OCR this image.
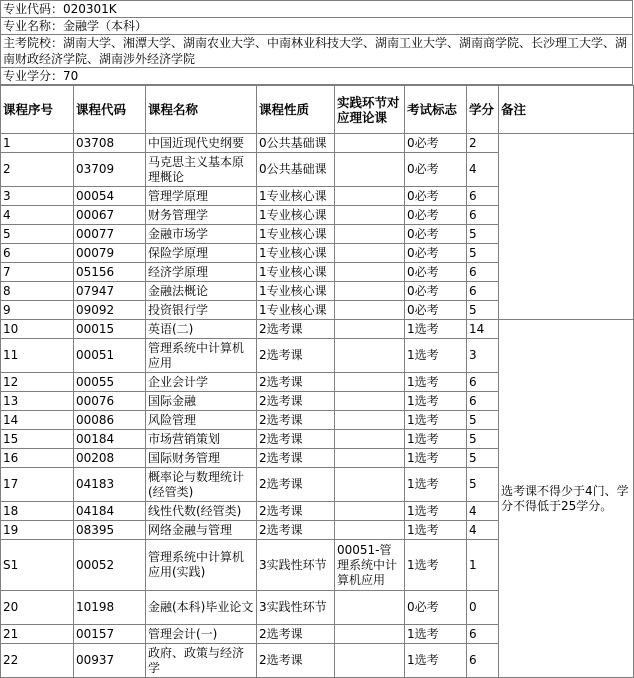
专业代码：020301K
专业名称：金融学（本科）
主考院校：湖南大学、湘潭大学、湖南农业大学、中南林业科技大学、湖南工业大学、湖南商学院、长沙理工大学、湖南财政经济学院、湖南涉外经济学院
专业学分：70
课程序号	课程代码	课程名称	课程性质	实践环节对应理论课	考试标志	学分	备注
1	03708	中国近现代史纲要	0公共基础课		0必考	2	
2	03709	马克思主义基本原理概论	0公共基础课		0必考	4	
3	00054	管理学原理	1专业核心课		0必考	6	
4	00067	财务管理学	1专业核心课		0必考	6	
5	00077	金融市场学	1专业核心课		0必考	5	
6	00079	保险学原理	1专业核心课		0必考	5	
7	05156	经济学原理	1专业核心课		0必考	6	
8	07947	金融法概论	1专业核心课		0必考	6	
9	09092	投资银行学	1专业核心课		0必考	5	
10	00015	英语(二)	2选考课		1选考	14	选考课不得少于4门、学分不得低于25学分。
11	00051	管理系统中计算机应用	2选考课		1选考	3	
12	00055	企业会计学	2选考课		1选考	6	
13	00076	国际金融	2选考课		1选考	6	
14	00086	风险管理	2选考课		1选考	5	
15	00184	市场营销策划	2选考课		1选考	5	
16	00208	国际财务管理	2选考课		1选考	5	
17	04183	概率论与数理统计(经管类)	2选考课		1选考	5	
18	04184	线性代数(经管类)	2选考课		1选考	4	
19	08395	网络金融与管理	2选考课		1选考	4	
S1	00052	管理系统中计算机应用(实践)	3实践性环节	00051-管理系统中计算机应用	1选考	1	
20	10198	金融(本科)毕业论文	3实践性环节		0必考	0	
21	00157	管理会计(一)	2选考课		1选考	6	
22	00937	政府、政策与经济学	2选考课		1选考	6	
